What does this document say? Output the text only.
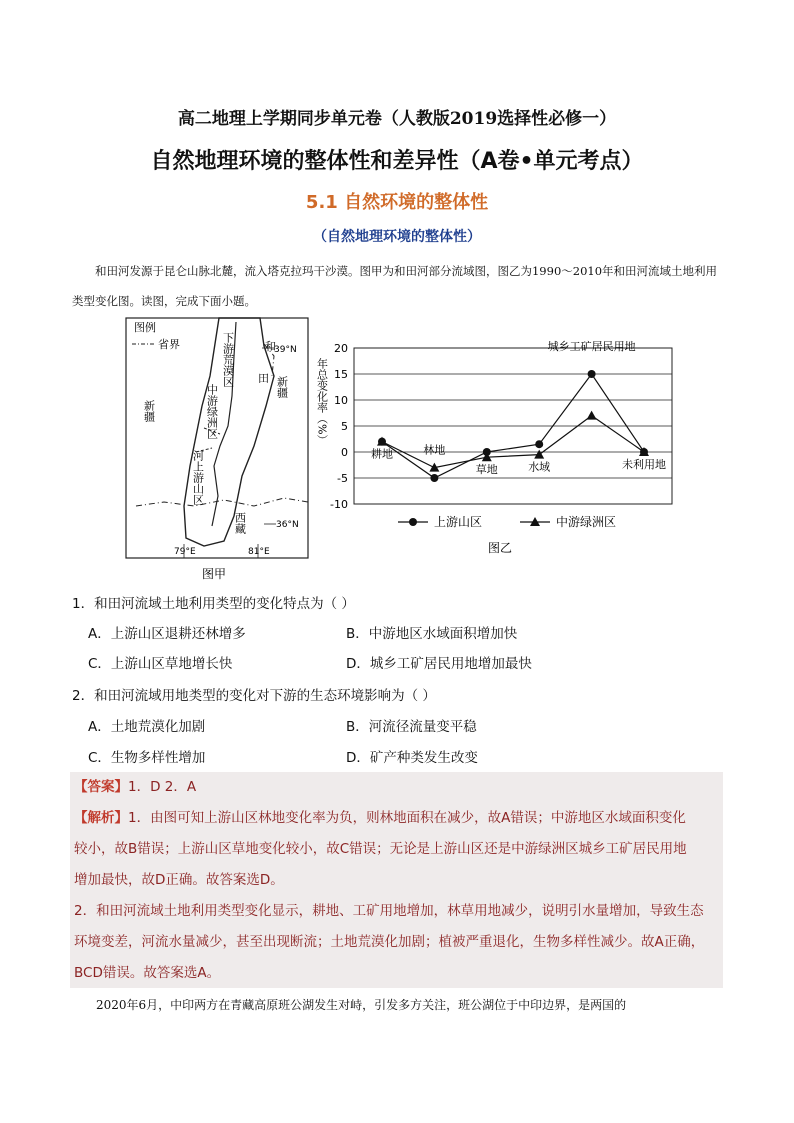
高二地理上学期同步单元卷（人教版2019选择性必修一）
自然地理环境的整体性和差异性（A卷•单元考点）
5.1 自然环境的整体性
（自然地理环境的整体性）
和田河发源于昆仑山脉北麓，流入塔克拉玛干沙漠。图甲为和田河部分流域图，图乙为1990～2010年和田河流域土地利用类型变化图。读图，完成下面小题。
图例
省界	下游荒漠区
中游绿洲区
河上游山区
田
和
新疆
新疆
西藏
39°N
36°N
79°E	81°E
图甲
-10
-5
0
5
10
15
20
耕地	林地
草地	水域
城乡工矿居民用地
未利用地
年总变化率（%）
上游山区	中游绿洲区
图乙
1．和田河流域土地利用类型的变化特点为（ ）
A．上游山区退耕还林增多	B．中游地区水域面积增加快
C．上游山区草地增长快	D．城乡工矿居民用地增加最快
2．和田河流域用地类型的变化对下游的生态环境影响为（ ）
A．土地荒漠化加剧	B．河流径流量变平稳
C．生物多样性增加	D．矿产种类发生改变
【答案】1．D 2．A
【解析】1．由图可知上游山区林地变化率为负，则林地面积在减少，故A错误；中游地区水域面积变化
较小，故B错误；上游山区草地变化较小，故C错误；无论是上游山区还是中游绿洲区城乡工矿居民用地
增加最快，故D正确。故答案选D。
2．和田河流域土地利用类型变化显示，耕地、工矿用地增加，林草用地减少，说明引水量增加，导致生态
环境变差，河流水量减少，甚至出现断流；土地荒漠化加剧；植被严重退化，生物多样性减少。故A正确，
BCD错误。故答案选A。
2020年6月，中印两方在青藏高原班公湖发生对峙，引发多方关注，班公湖位于中印边界，是两国的
